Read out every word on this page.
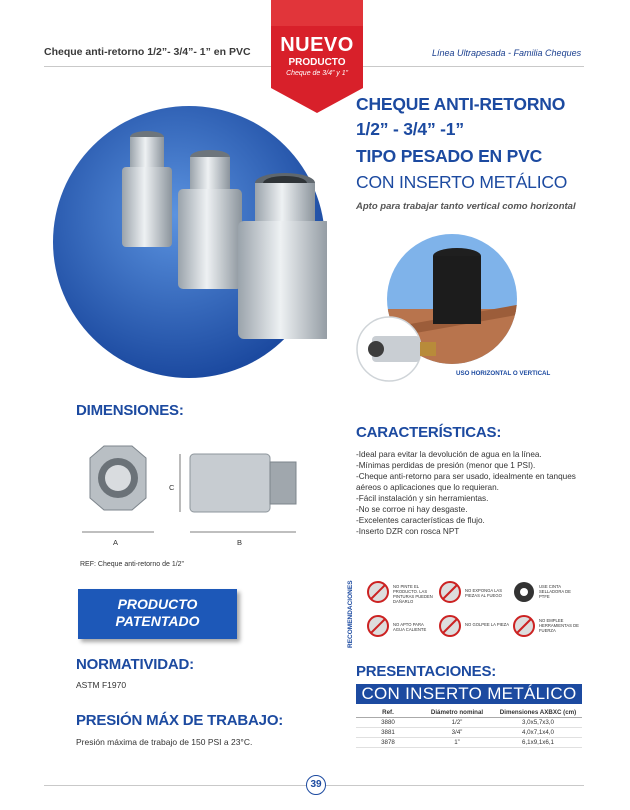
Cheque anti-retorno 1/2”- 3/4”- 1” en PVC	Línea Ultrapesada - Familia Cheques
NUEVO
PRODUCTO
Cheque de 3/4” y 1”
CHEQUE ANTI-RETORNO
1/2” - 3/4” -1”
TIPO PESADO EN PVC
CON INSERTO METÁLICO
Apto para trabajar tanto vertical como horizontal
USO HORIZONTAL O VERTICAL
DIMENSIONES:
A	B
C
REF: Cheque anti-retorno de 1/2”
PRODUCTO
PATENTADO
NORMATIVIDAD:
ASTM F1970
PRESIÓN MÁX DE TRABAJO:
Presión máxima de trabajo de 150 PSI a 23°C.
CARACTERÍSTICAS:
-Ideal para evitar la devolución de agua en la línea.
-Mínimas perdidas de presión (menor que 1 PSI).
-Cheque anti-retorno para ser usado, idealmente en tanques aéreos o aplicaciones que lo requieran.
-Fácil instalación y sin herramientas.
-No se corroe ni hay desgaste.
-Excelentes características de flujo.
-Inserto DZR con rosca NPT
RECOMENDACIONES	NO PINTE EL PRODUCTO. LAS PINTURAS PUEDEN DAÑARLO
NO EXPONGA LAS PIEZAS AL FUEGO
USE CINTA SELLADORA DE PTFE
NO APTO PARA AGUA CALIENTE
NO GOLPEE LA PIEZA
NO EMPLEE HERRAMIENTAS DE FUERZA
PRESENTACIONES:
CON INSERTO METÁLICO
Ref.	Diámetro nominal	Dimensiones AXBXC (cm)
3880	1/2”	3,0x5,7x3,0
3881	3/4”	4,0x7,1x4,0
3878	1”	6,1x9,1x6,1
39
